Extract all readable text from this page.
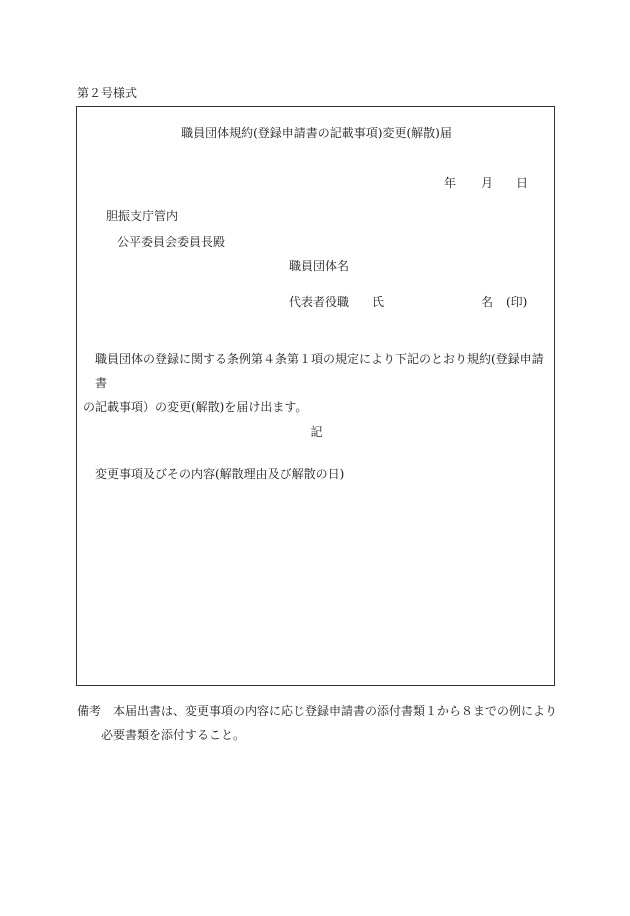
第２号様式
職員団体規約(登録申請書の記載事項)変更(解散)届
年 月 日
胆振支庁管内
公平委員会委員長殿
職員団体名
代表者役職 氏	名 (印)
職員団体の登録に関する条例第４条第１項の規定により下記のとおり規約(登録申請書
の記載事項）の変更(解散)を届け出ます。
記
変更事項及びその内容(解散理由及び解散の日)
備考 本届出書は、変更事項の内容に応じ登録申請書の添付書類１から８までの例により
必要書類を添付すること。
